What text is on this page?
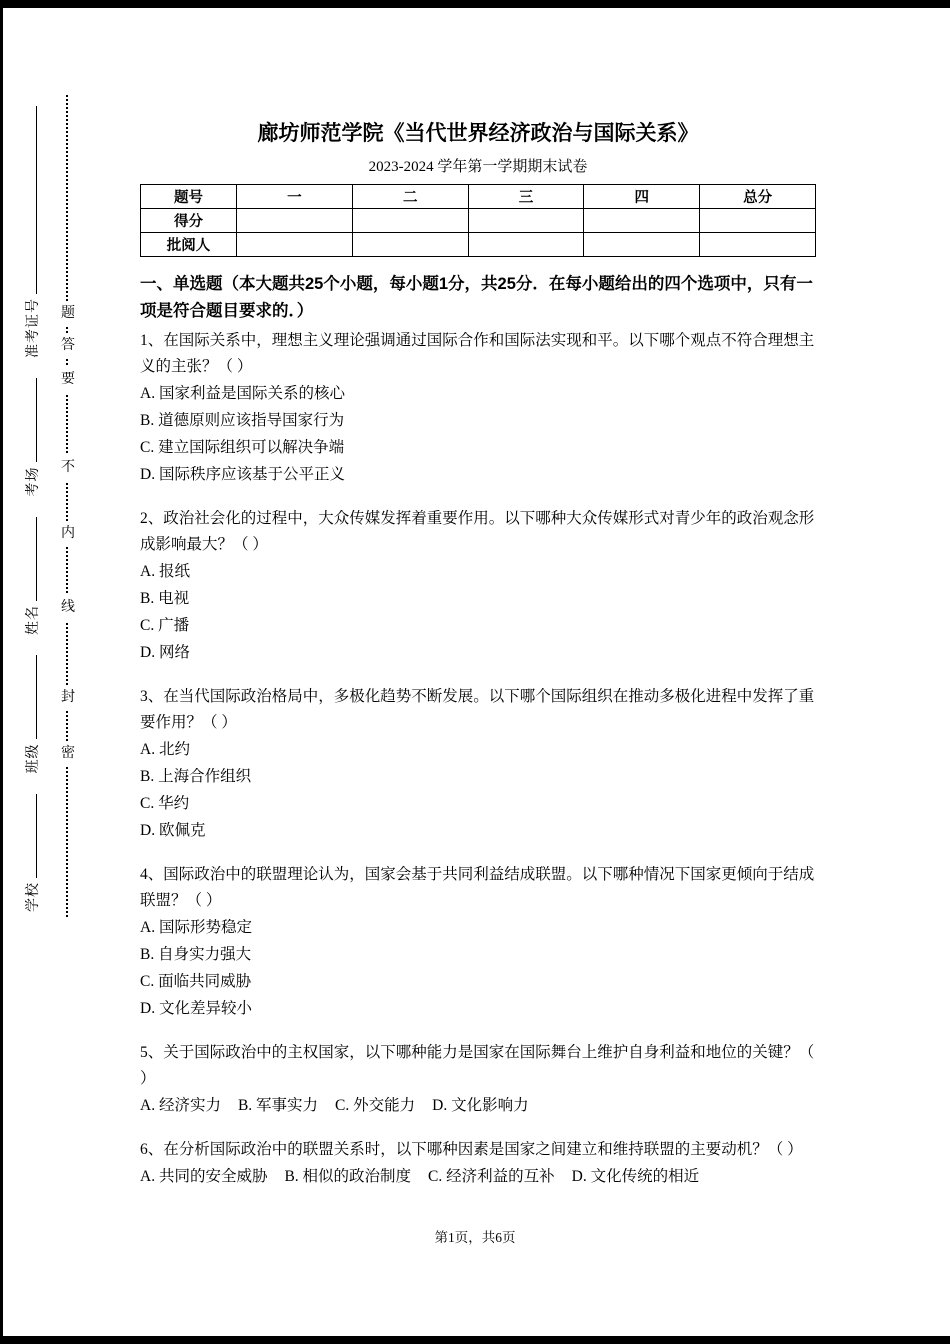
学校 班级 姓名 考场 准考证号 题
答
要
不
内
线
封
密
廊坊师范学院《当代世界经济政治与国际关系》
2023-2024 学年第一学期期末试卷
题号	一	二	三	四	总分
得分					
批阅人					
一、单选题（本大题共25个小题，每小题1分，共25分．在每小题给出的四个选项中，只有一项是符合题目要求的．）

1、在国际关系中，理想主义理论强调通过国际合作和国际法实现和平。以下哪个观点不符合理想主义的主张？（ ）

A. 国家利益是国际关系的核心

B. 道德原则应该指导国家行为

C. 建立国际组织可以解决争端

D. 国际秩序应该基于公平正义

2、政治社会化的过程中，大众传媒发挥着重要作用。以下哪种大众传媒形式对青少年的政治观念形成影响最大？（ ）

A. 报纸

B. 电视

C. 广播

D. 网络

3、在当代国际政治格局中，多极化趋势不断发展。以下哪个国际组织在推动多极化进程中发挥了重要作用？（ ）

A. 北约

B. 上海合作组织

C. 华约

D. 欧佩克

4、国际政治中的联盟理论认为，国家会基于共同利益结成联盟。以下哪种情况下国家更倾向于结成联盟？（ ）

A. 国际形势稳定

B. 自身实力强大

C. 面临共同威胁

D. 文化差异较小

5、关于国际政治中的主权国家，以下哪种能力是国家在国际舞台上维护自身利益和地位的关键？（ ）

A. 经济实力 B. 军事实力 C. 外交能力 D. 文化影响力

6、在分析国际政治中的联盟关系时，以下哪种因素是国家之间建立和维持联盟的主要动机？（ ）

A. 共同的安全威胁 B. 相似的政治制度 C. 经济利益的互补 D. 文化传统的相近

第1页，共6页
